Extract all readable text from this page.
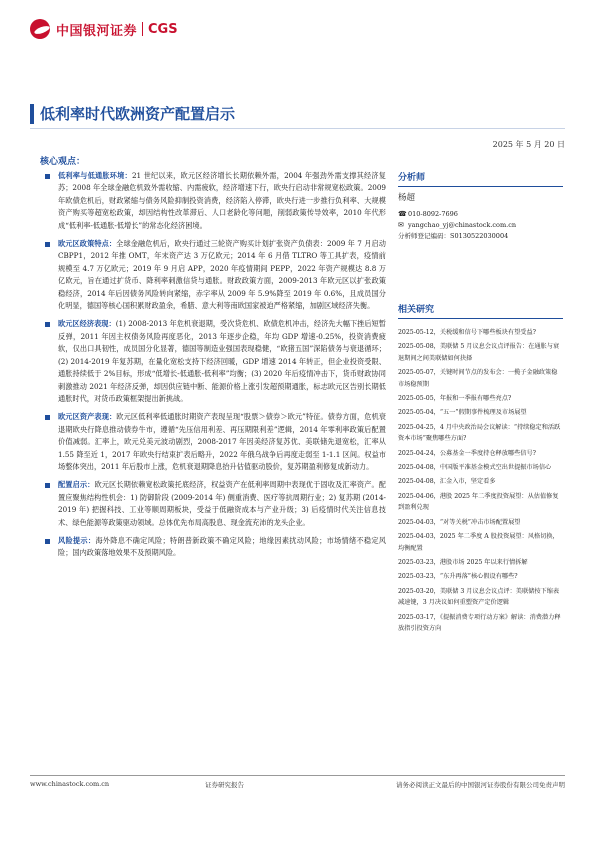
中国银河证券 CGS
低利率时代欧洲资产配置启示
2025 年 5 月 20 日
核心观点：
低利率与低通胀环境：21 世纪以来，欧元区经济增长长期依赖外需，2004 年强劲外需支撑其经济复苏；2008 年全球金融危机致外需收缩、内需疲软，经济增速下行，欧央行启动非常规宽松政策。2009 年欧债危机后，财政紧缩与债务风险抑制投资消费，经济陷入停滞，欧央行进一步推行负利率、大规模资产购买等超宽松政策，却因结构性改革滞后、人口老龄化等问题，削弱政策传导效率，2010 年代形成“低利率-低通胀-低增长”的常态化经济困境。
欧元区政策特点：全球金融危机后，欧央行通过三轮资产购买计划扩张资产负债表：2009 年 7 月启动 CBPP1，2012 年推 OMT，年末资产达 3 万亿欧元；2014 年 6 月借 TLTRO 等工具扩表，疫情前规模至 4.7 万亿欧元；2019 年 9 月启 APP，2020 年疫情期间 PEPP，2022 年资产规模达 8.8 万亿欧元，旨在通过扩货币、降利率刺激信贷与通胀。财政政策方面，2009-2013 年欧元区以扩张政策稳经济，2014 年后因债务风险转向紧缩，赤字率从 2009 年 5.9%降至 2019 年 0.6%，且成员国分化明显，德国等核心国积累财政盈余，希腊、意大利等南欧国家被迫严格紧缩，加剧区域经济失衡。
欧元区经济表现：(1) 2008-2013 年危机衰退期，受次贷危机、欧债危机冲击，经济先大幅下挫后短暂反弹，2011 年因主权债务风险再度恶化，2013 年逐步企稳，年均 GDP 增速-0.25%，投资消费疲软，仅出口具韧性，成员国分化显著，德国等制造业强国表现稳健，“欧猪五国”深陷债务与衰退循环；(2) 2014-2019 年复苏期，在量化宽松支持下经济回暖，GDP 增速 2014 年转正，但企业投资受限、通胀持续低于 2%目标，形成“低增长-低通胀-低利率”均衡；(3) 2020 年后疫情冲击下，货币财政协同刺激推动 2021 年经济反弹，却因供应链中断、能源价格上涨引发超预期通胀，标志欧元区告别长期低通胀时代，对货币政策框架提出新挑战。
欧元区资产表现：欧元区低利率低通胀时期资产表现呈现“股票＞债券＞欧元”特征。债券方面，危机衰退期欧央行降息推动债券牛市，遵循“先压信用利差、再压期限利差”逻辑，2014 年零利率政策后配置价值减弱。汇率上，欧元兑美元波动剧烈，2008-2017 年因美经济复苏优、美联储先退宽松，汇率从 1.55 降至近 1，2017 年欧央行结束扩表后略升，2022 年俄乌战争后再度走弱至 1-1.1 区间。权益市场整体突出，2011 年后股市上涨，危机衰退期降息抬升估值驱动股价，复苏期盈利修复成新动力。
配置启示：欧元区长期依赖宽松政策托底经济，权益资产在低利率周期中表现优于固收及汇率资产。配置应聚焦结构性机会：1) 防御阶段 (2009-2014 年) 侧重消费、医疗等抗周期行业；2) 复苏期 (2014-2019 年) 把握科技、工业等顺周期板块，受益于低融资成本与产业升级；3) 后疫情时代关注信息技术、绿色能源等政策驱动领域。总体优先布局高股息、现金流充沛的龙头企业。
风险提示：海外降息不确定风险；特朗普新政策不确定风险；地缘因素扰动风险；市场情绪不稳定风险；国内政策落地效果不及预期风险。
分析师
杨超
☎ 010-8092-7696
✉ yangchao_yj@chinastock.com.cn
分析师登记编码：S0130522030004
相关研究
2025-05-12，关税缓和信号下哪些板块有望受益?
2025-05-08，美联储 5 月议息会议点评报告：在通胀与衰退期间之间美联储如何抉择
2025-05-07，关键时间节点的发布会：一揽子金融政策稳市场稳预期
2025-05-05，年报和一季报有哪些亮点?
2025-05-04，“五一”假期事件梳理及市场展望
2025-04-25，4 月中央政治局会议解读：“持续稳定和活跃资本市场”聚焦哪些方面?
2025-04-24，公募基金一季度持仓释放哪些信号?
2025-04-08，中国版平准基金模式空出世提振市场信心
2025-04-08，汇金入市，坚定看多
2025-04-06，港股 2025 年二季度投资展望：从估值修复到盈利兑现
2025-04-03，“对等关税”冲击市场配置展望
2025-04-03，2025 年二季度 A 股投资展望：风格切换，均衡配置
2025-03-23，港股市场 2025 年以来行情拆解
2025-03-23，“东升再落”核心假设有哪些?
2025-03-20，美联储 3 月议息会议点评：美联储按下缩表减速键，3 月决议如何重塑资产定价逻辑
2025-03-17，《提振消费专项行动方案》解读：消费潜力释放指引投资方向
www.chinastock.com.cn	证券研究报告	请务必阅读正文最后的中国银河证券股份有限公司免责声明
